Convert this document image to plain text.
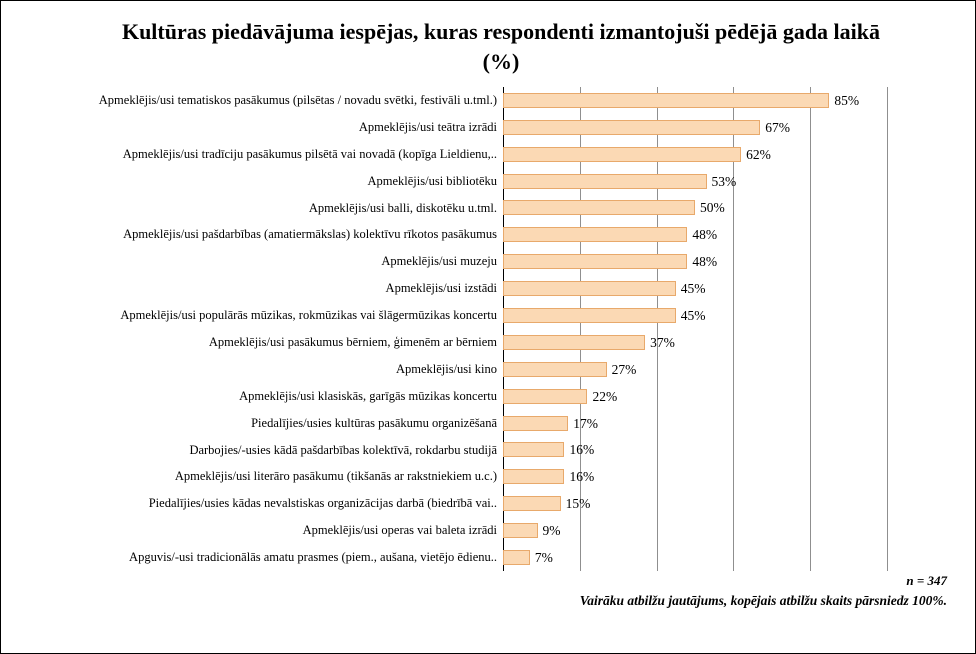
Kultūras piedāvājuma iespējas, kuras respondenti izmantojuši pēdējā gada laikā (%)
Apmeklējis/usi tematiskos pasākumus (pilsētas / novadu svētki, festivāli u.tml.)	85%
Apmeklējis/usi teātra izrādi	67%
Apmeklējis/usi tradīciju pasākumus pilsētā vai novadā (kopīga Lieldienu,..	62%
Apmeklējis/usi bibliotēku	53%
Apmeklējis/usi balli, diskotēku u.tml.	50%
Apmeklējis/usi pašdarbības (amatiermākslas) kolektīvu rīkotos pasākumus	48%
Apmeklējis/usi muzeju	48%
Apmeklējis/usi izstādi	45%
Apmeklējis/usi populārās mūzikas, rokmūzikas vai šlāgermūzikas koncertu	45%
Apmeklējis/usi pasākumus bērniem, ģimenēm ar bērniem	37%
Apmeklējis/usi kino	27%
Apmeklējis/usi klasiskās, garīgās mūzikas koncertu	22%
Piedalījies/usies kultūras pasākumu organizēšanā	17%
Darbojies/-usies kādā pašdarbības kolektīvā, rokdarbu studijā	16%
Apmeklējis/usi literāro pasākumu (tikšanās ar rakstniekiem u.c.)	16%
Piedalījies/usies kādas nevalstiskas organizācijas darbā (biedrībā vai..	15%
Apmeklējis/usi operas vai baleta izrādi	9%
Apguvis/-usi tradicionālās amatu prasmes (piem., aušana, vietējo ēdienu..	7%
n = 347
Vairāku atbilžu jautājums, kopējais atbilžu skaits pārsniedz 100%.
